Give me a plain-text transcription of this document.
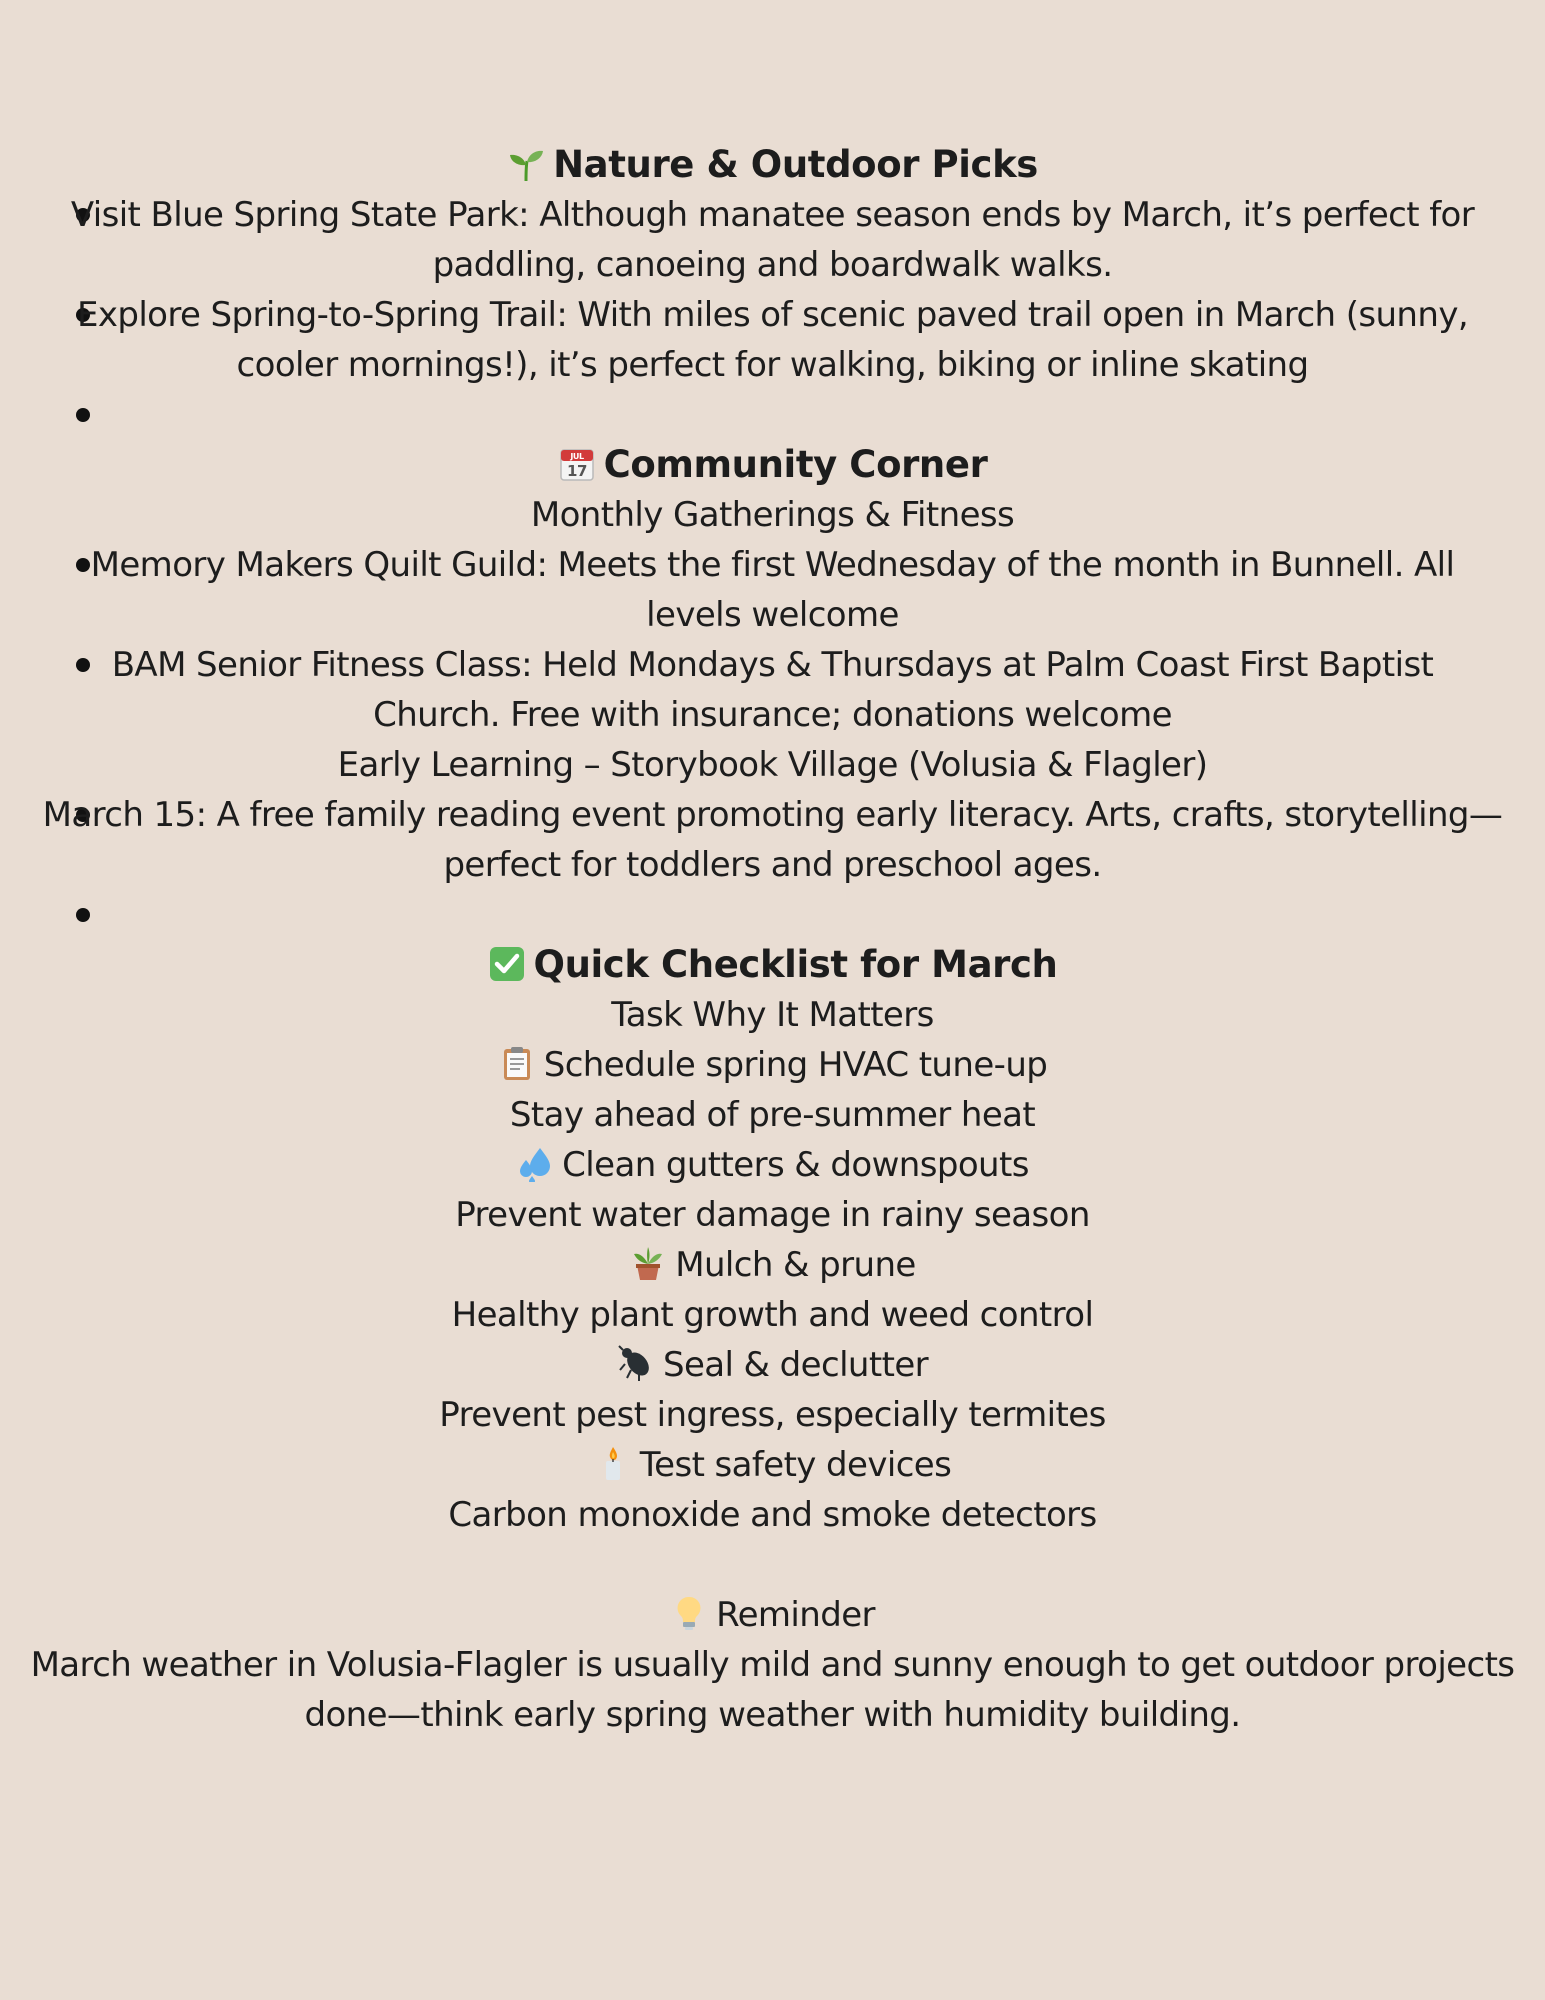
Nature & Outdoor Picks
Visit Blue Spring State Park: Although manatee season ends by March, it’s perfect for
paddling, canoeing and boardwalk walks.
Explore Spring-to-Spring Trail: With miles of scenic paved trail open in March (sunny,
cooler mornings!), it’s perfect for walking, biking or inline skating
JUL
17 Community Corner
Monthly Gatherings & Fitness
Memory Makers Quilt Guild: Meets the first Wednesday of the month in Bunnell. All
levels welcome
BAM Senior Fitness Class: Held Mondays & Thursdays at Palm Coast First Baptist
Church. Free with insurance; donations welcome
Early Learning – Storybook Village (Volusia & Flagler)
March 15: A free family reading event promoting early literacy. Arts, crafts, storytelling—
perfect for toddlers and preschool ages.
Quick Checklist for March
Task Why It Matters
Schedule spring HVAC tune-up
Stay ahead of pre-summer heat
Clean gutters & downspouts
Prevent water damage in rainy season
Mulch & prune
Healthy plant growth and weed control
Seal & declutter
Prevent pest ingress, especially termites
Test safety devices
Carbon monoxide and smoke detectors
Reminder
March weather in Volusia-Flagler is usually mild and sunny enough to get outdoor projects
done—think early spring weather with humidity building.
